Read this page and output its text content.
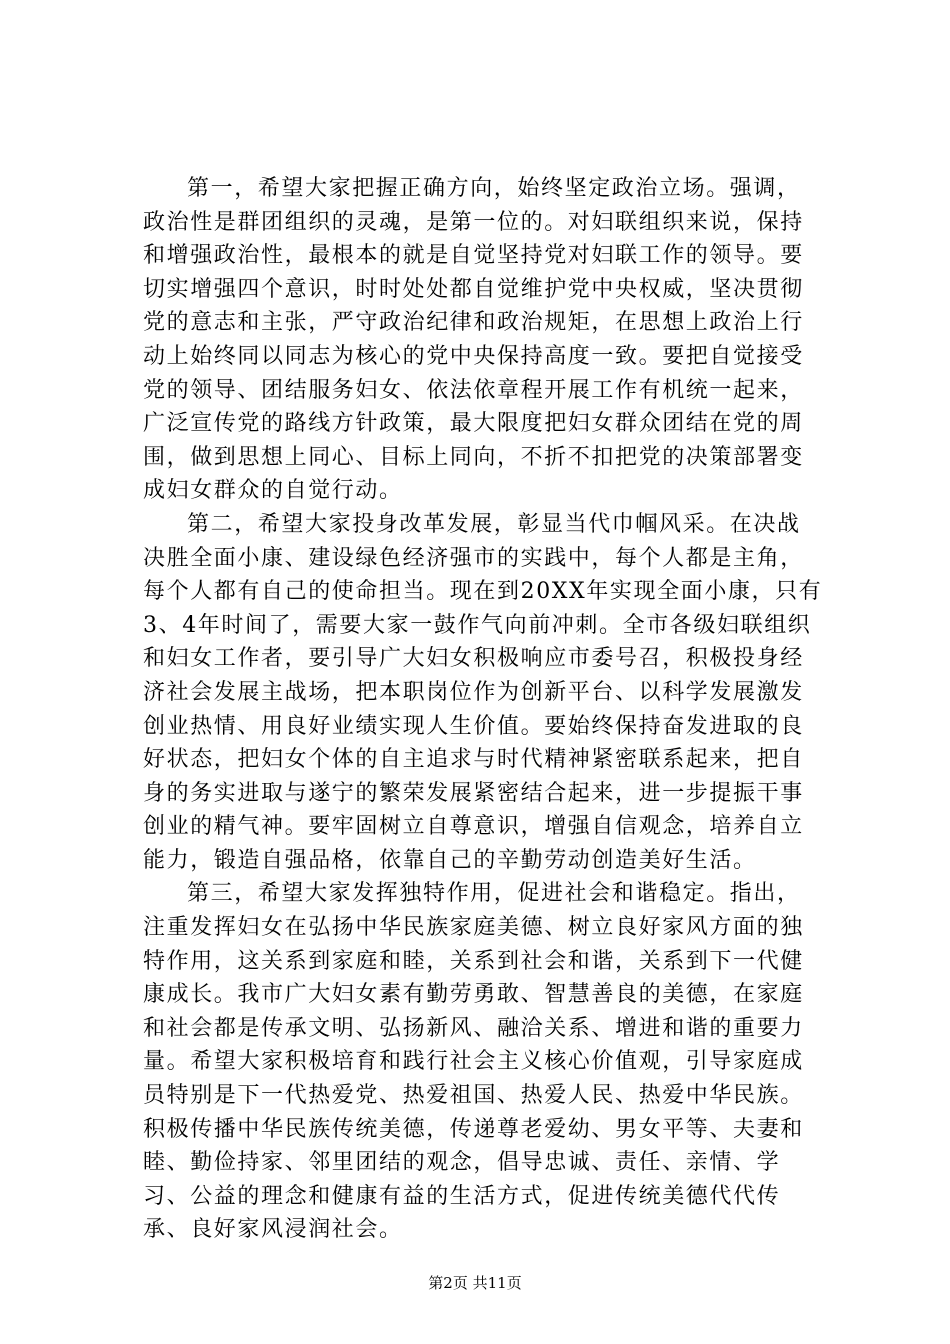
第一，希望大家把握正确方向，始终坚定政治立场。强调，政治性是群团组织的灵魂，是第一位的。对妇联组织来说，保持和增强政治性，最根本的就是自觉坚持党对妇联工作的领导。要切实增强四个意识，时时处处都自觉维护党中央权威，坚决贯彻党的意志和主张，严守政治纪律和政治规矩，在思想上政治上行动上始终同以同志为核心的党中央保持高度一致。要把自觉接受党的领导、团结服务妇女、依法依章程开展工作有机统一起来，广泛宣传党的路线方针政策，最大限度把妇女群众团结在党的周围，做到思想上同心、目标上同向，不折不扣把党的决策部署变成妇女群众的自觉行动。

第二，希望大家投身改革发展，彰显当代巾帼风采。在决战决胜全面小康、建设绿色经济强市的实践中，每个人都是主角，每个人都有自己的使命担当。现在到20XX年实现全面小康，只有3、4年时间了，需要大家一鼓作气向前冲刺。全市各级妇联组织和妇女工作者，要引导广大妇女积极响应市委号召，积极投身经济社会发展主战场，把本职岗位作为创新平台、以科学发展激发创业热情、用良好业绩实现人生价值。要始终保持奋发进取的良好状态，把妇女个体的自主追求与时代精神紧密联系起来，把自身的务实进取与遂宁的繁荣发展紧密结合起来，进一步提振干事创业的精气神。要牢固树立自尊意识，增强自信观念，培养自立能力，锻造自强品格，依靠自己的辛勤劳动创造美好生活。

第三，希望大家发挥独特作用，促进社会和谐稳定。指出，注重发挥妇女在弘扬中华民族家庭美德、树立良好家风方面的独特作用，这关系到家庭和睦，关系到社会和谐，关系到下一代健康成长。我市广大妇女素有勤劳勇敢、智慧善良的美德，在家庭和社会都是传承文明、弘扬新风、融洽关系、增进和谐的重要力量。希望大家积极培育和践行社会主义核心价值观，引导家庭成员特别是下一代热爱党、热爱祖国、热爱人民、热爱中华民族。积极传播中华民族传统美德，传递尊老爱幼、男女平等、夫妻和睦、勤俭持家、邻里团结的观念，倡导忠诚、责任、亲情、学习、公益的理念和健康有益的生活方式，促进传统美德代代传承、良好家风浸润社会。

第2页 共11页
